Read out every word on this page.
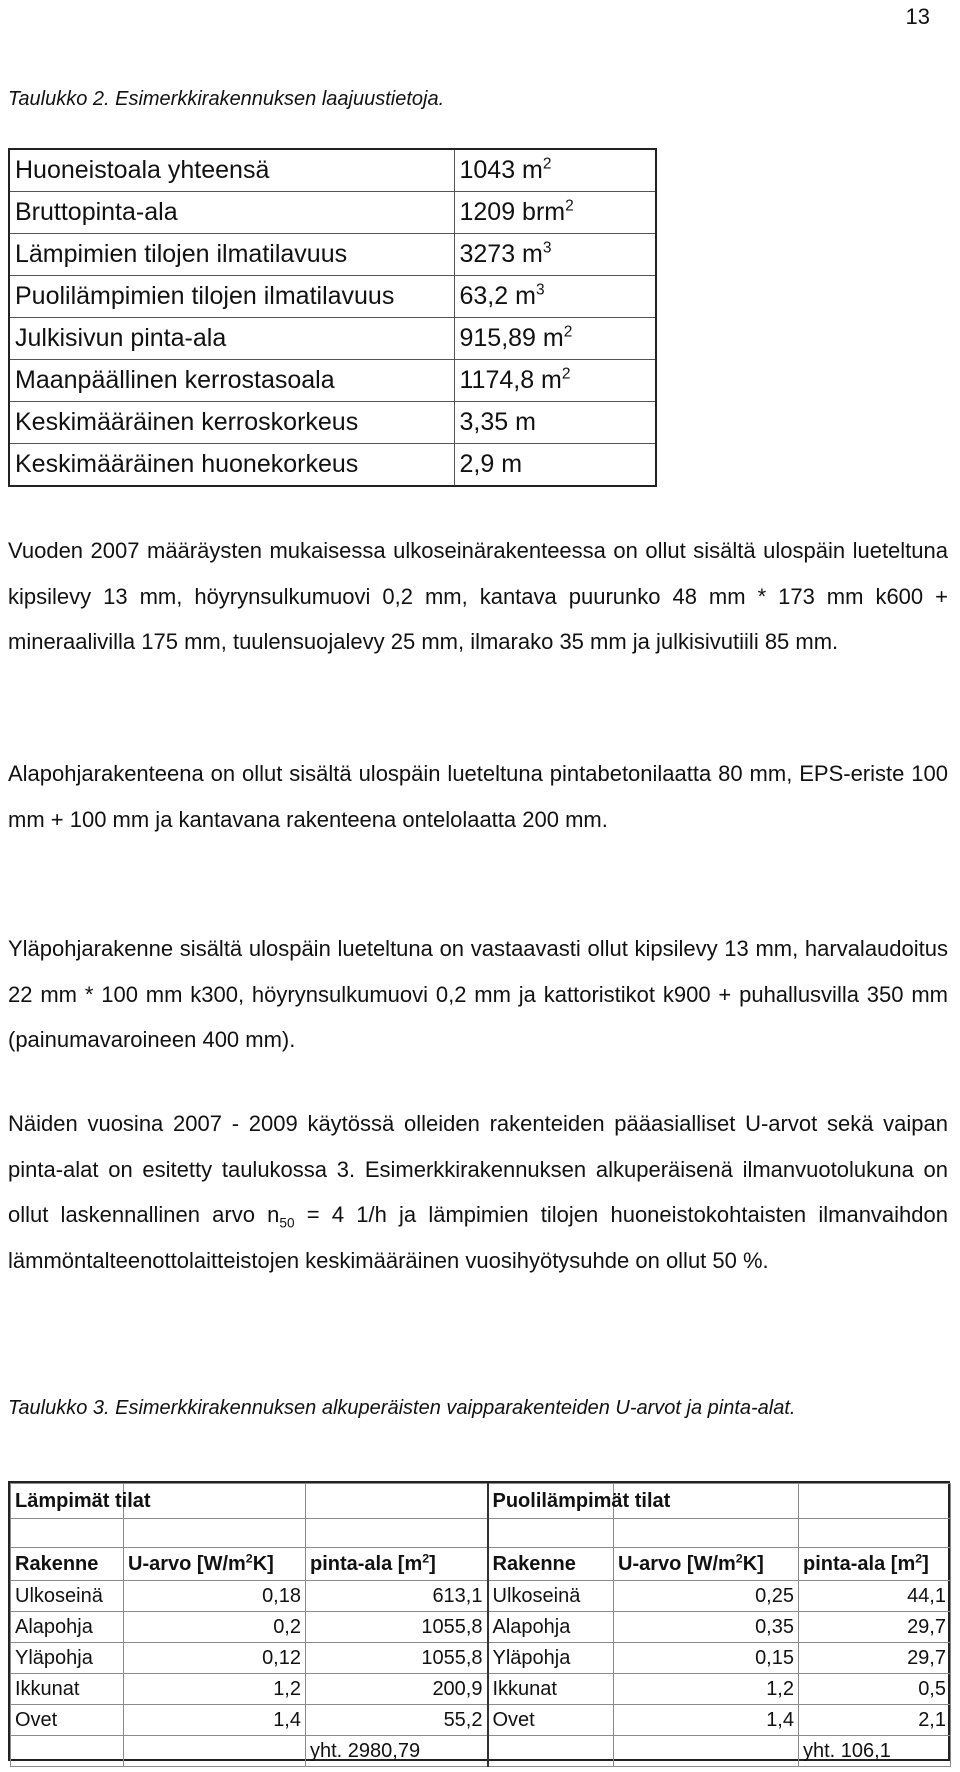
13
Taulukko 2. Esimerkkirakennuksen laajuustietoja.
Huoneistoala yhteensä	1043 $m^2$
Bruttopinta-ala	1209 brm$^2$
Lämpimien tilojen ilmatilavuus	3273 $m^3$
Puolilämpimien tilojen ilmatilavuus	63,2 $m^3$
Julkisivun pinta-ala	915,89 $m^2$
Maanpäällinen kerrostasoala	1174,8 $m^2$
Keskimääräinen kerroskorkeus	3,35 m
Keskimääräinen huonekorkeus	2,9 m
Vuoden 2007 määräysten mukaisessa ulkoseinärakenteessa on ollut sisältä ulospäin lueteltuna kipsilevy 13 mm, höyrynsulkumuovi 0,2 mm, kantava puurunko 48 mm * 173 mm k600 + mineraalivilla 175 mm, tuulensuojalevy 25 mm, ilmarako 35 mm ja julkisivutiili 85 mm.
Alapohjarakenteena on ollut sisältä ulospäin lueteltuna pintabetonilaatta 80 mm, EPS-eriste 100 mm + 100 mm ja kantavana rakenteena ontelolaatta 200 mm.
Yläpohjarakenne sisältä ulospäin lueteltuna on vastaavasti ollut kipsilevy 13 mm, harvalaudoitus 22 mm * 100 mm k300, höyrynsulkumuovi 0,2 mm ja kattoristikot k900 + puhallusvilla 350 mm (painumavaroineen 400 mm).
Näiden vuosina 2007 - 2009 käytössä olleiden rakenteiden pääasialliset U-arvot sekä vaipan pinta-alat on esitetty taulukossa 3. Esimerkkirakennuksen alkuperäisenä ilmanvuotolukuna on ollut laskennallinen arvo $n_{50} = 4$ 1/h ja lämpimien tilojen huoneistokohtaisten ilmanvaihdon lämmöntalteenottolaitteistojen keskimääräinen vuosihyötysuhde on ollut 50 %.
Taulukko 3. Esimerkkirakennuksen alkuperäisten vaipparakenteiden U-arvot ja pinta-alat.
Lämpimät tilat			Puolilämpimät tilat		

Rakenne	U-arvo $[W/m^2K]$	pinta-ala $[m^2]$	Rakenne	U-arvo $[W/m^2K]$	pinta-ala $[m^2]$
Ulkoseinä	0,18	613,1	Ulkoseinä	0,25	44,1
Alapohja	0,2	1055,8	Alapohja	0,35	29,7
Yläpohja	0,12	1055,8	Yläpohja	0,15	29,7
Ikkunat	1,2	200,9	Ikkunat	1,2	0,5
Ovet	1,4	55,2	Ovet	1,4	2,1
		yht. 2980,79			yht. 106,1
